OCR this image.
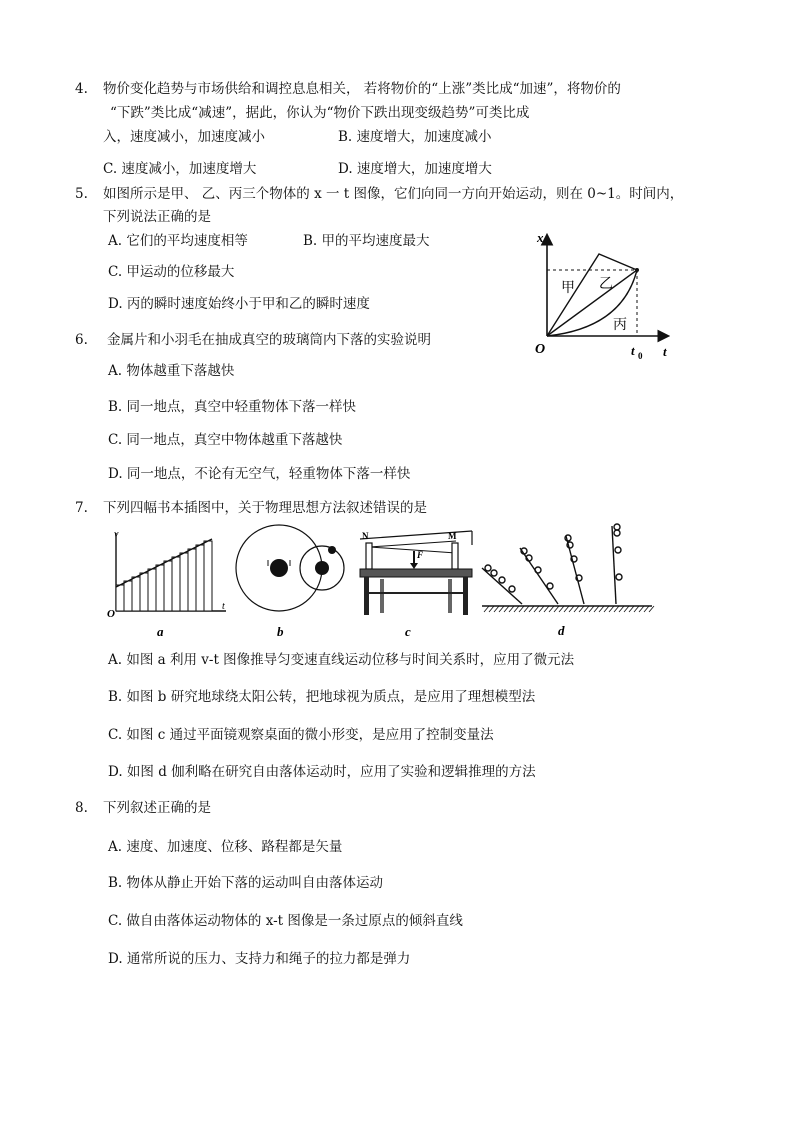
4. 物价变化趋势与市场供给和调控息息相关， 若将物价的“上涨”类比成“加速”，将物价的
“下跌”类比成“减速”，据此，你认为“物价下跌出现变级趋势”可类比成
入，速度减小，加速度减小	B. 速度增大，加速度减小
C. 速度减小，加速度增大	D. 速度增大，加速度增大
5. 如图所示是甲、 乙、丙三个物体的 x 一 t 图像，它们向同一方向开始运动，则在 0~1。时间内，
下列说法正确的是
A. 它们的平均速度相等	B. 甲的平均速度最大
C. 甲运动的位移最大
D. 丙的瞬时速度始终小于甲和乙的瞬时速度
x
t
O	t 0
甲 乙
丙
6. 金属片和小羽毛在抽成真空的玻璃筒内下落的实验说明
A. 物体越重下落越快
B. 同一地点，真空中轻重物体下落一样快
C. 同一地点，真空中物体越重下落越快
D. 同一地点，不论有无空气，轻重物体下落一样快
7. 下列四幅书本插图中，关于物理思想方法叙述错误的是
v
t
O
a	b
N	M
F
c	d
A. 如图 a 利用 v-t 图像推导匀变速直线运动位移与时间关系时，应用了微元法
B. 如图 b 研究地球绕太阳公转，把地球视为质点，是应用了理想模型法
C. 如图 c 通过平面镜观察桌面的微小形变，是应用了控制变量法
D. 如图 d 伽利略在研究自由落体运动时，应用了实验和逻辑推理的方法
8. 下列叙述正确的是
A. 速度、加速度、位移、路程都是矢量
B. 物体从静止开始下落的运动叫自由落体运动
C. 做自由落体运动物体的 x-t 图像是一条过原点的倾斜直线
D. 通常所说的压力、支持力和绳子的拉力都是弹力
